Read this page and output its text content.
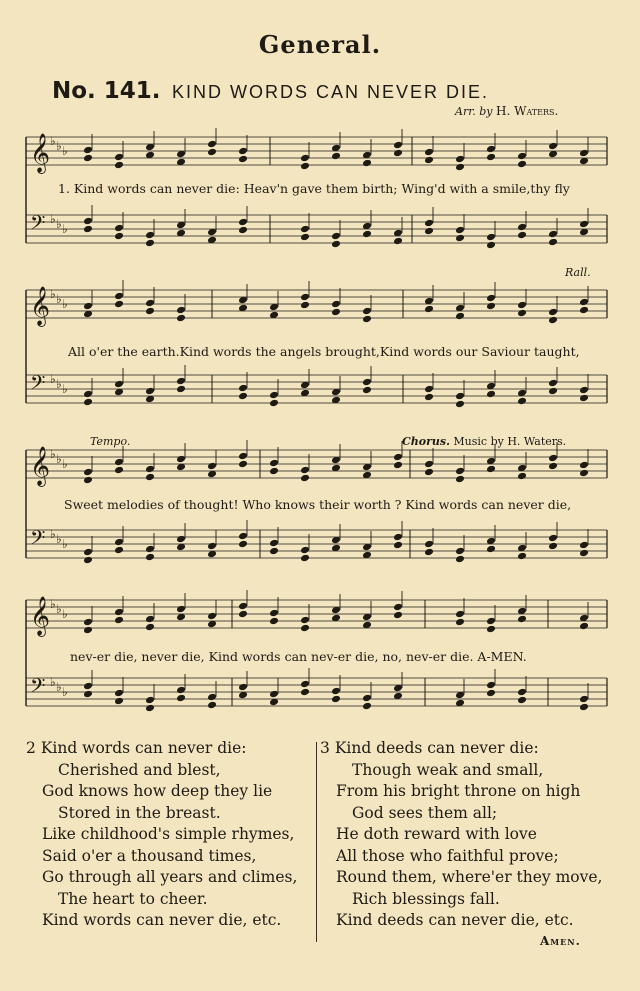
General.
No. 141. KIND WORDS CAN NEVER DIE.
Arr. by H. Waters.
𝄞 ♭ ♭ ♭
𝄢 ♭ ♭ ♭
𝄞 ♭ ♭ ♭
𝄢 ♭ ♭ ♭
𝄞 ♭ ♭ ♭
𝄢 ♭ ♭ ♭
𝄞 ♭ ♭ ♭
𝄢 ♭ ♭ ♭
Rall.
Tempo.	Chorus. Music by H. Waters.
1. Kind words can never die: Heav'n gave them birth; Wing'd with a smile,thy fly
All o'er the earth.Kind words the angels brought,Kind words our Saviour taught,
Sweet melodies of thought! Who knows their worth ? Kind words can never die,
nev-er die, never die, Kind words can nev-er die, no, nev-er die. A-MEN.
2 Kind words can never die:
Cherished and blest,
God knows how deep they lie
Stored in the breast.
Like childhood's simple rhymes,
Said o'er a thousand times,
Go through all years and climes,
The heart to cheer.
Kind words can never die, etc.
3 Kind deeds can never die:
Though weak and small,
From his bright throne on high
God sees them all;
He doth reward with love
All those who faithful prove;
Round them, where'er they move,
Rich blessings fall.
Kind deeds can never die, etc.
Amen.
